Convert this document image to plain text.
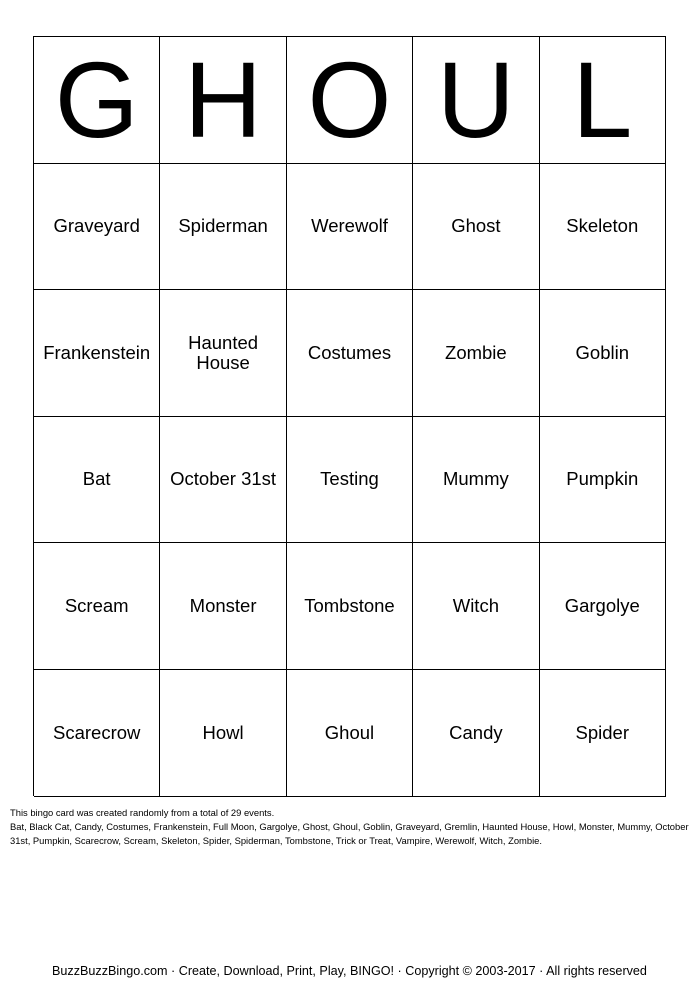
G H O U L
Graveyard	Spiderman	Werewolf	Ghost	Skeleton
Frankenstein	Haunted House	Costumes	Zombie	Goblin
Bat	October 31st	Testing	Mummy	Pumpkin
Scream	Monster	Tombstone	Witch	Gargolye
Scarecrow	Howl	Ghoul	Candy	Spider

This bingo card was created randomly from a total of 29 events.

Bat, Black Cat, Candy, Costumes, Frankenstein, Full Moon, Gargolye, Ghost, Ghoul, Goblin, Graveyard, Gremlin, Haunted House, Howl, Monster, Mummy, October 31st, Pumpkin, Scarecrow, Scream, Skeleton, Spider, Spiderman, Tombstone, Trick or Treat, Vampire, Werewolf, Witch, Zombie.

BuzzBuzzBingo.com · Create, Download, Print, Play, BINGO! · Copyright © 2003-2017 · All rights reserved
